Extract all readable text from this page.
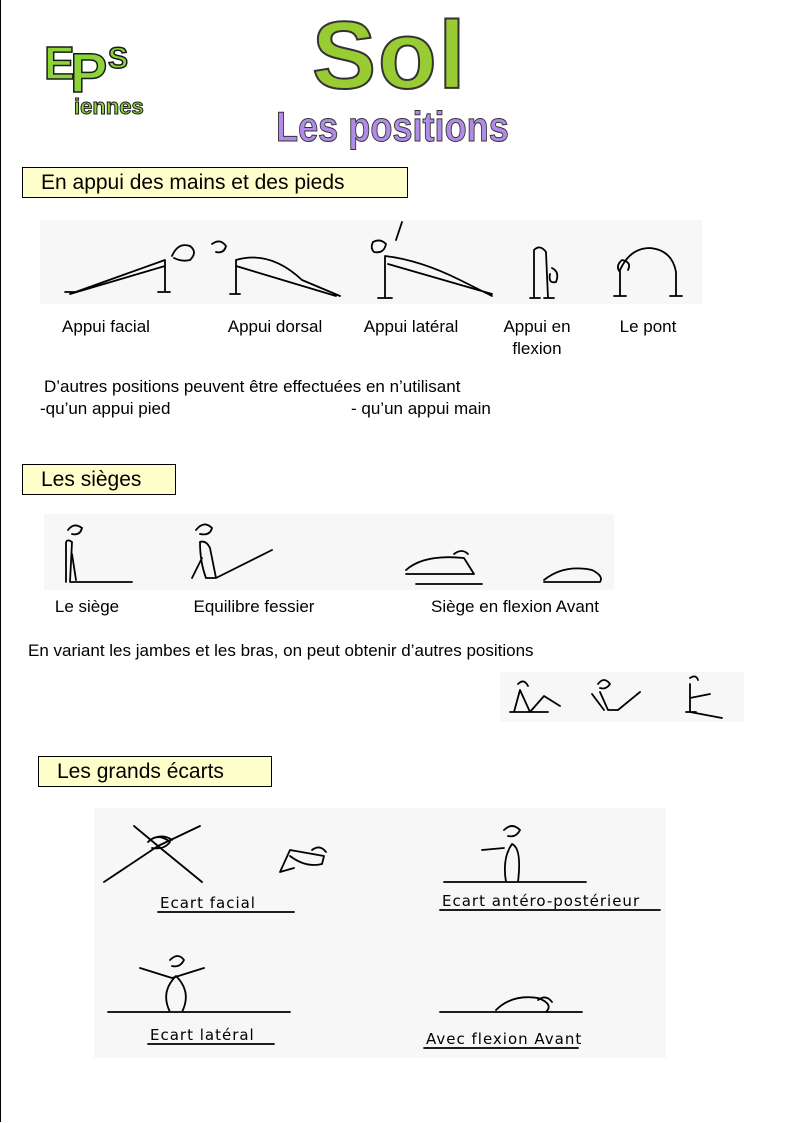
E
P S
iennes Sol
Les positions
En appui des mains et des pieds
Appui facial	Appui dorsal	Appui latéral	Appui en
flexion
Le pont
D’autres positions peuvent être effectuées en n’utilisant
-qu’un appui pied	- qu’un appui main
Les sièges
Le siège	Equilibre fessier	Siège en flexion Avant
En variant les jambes et les bras, on peut obtenir d’autres positions
Les grands écarts
Ecart facial	Ecart antéro-postérieur
Ecart latéral	Avec flexion Avant
